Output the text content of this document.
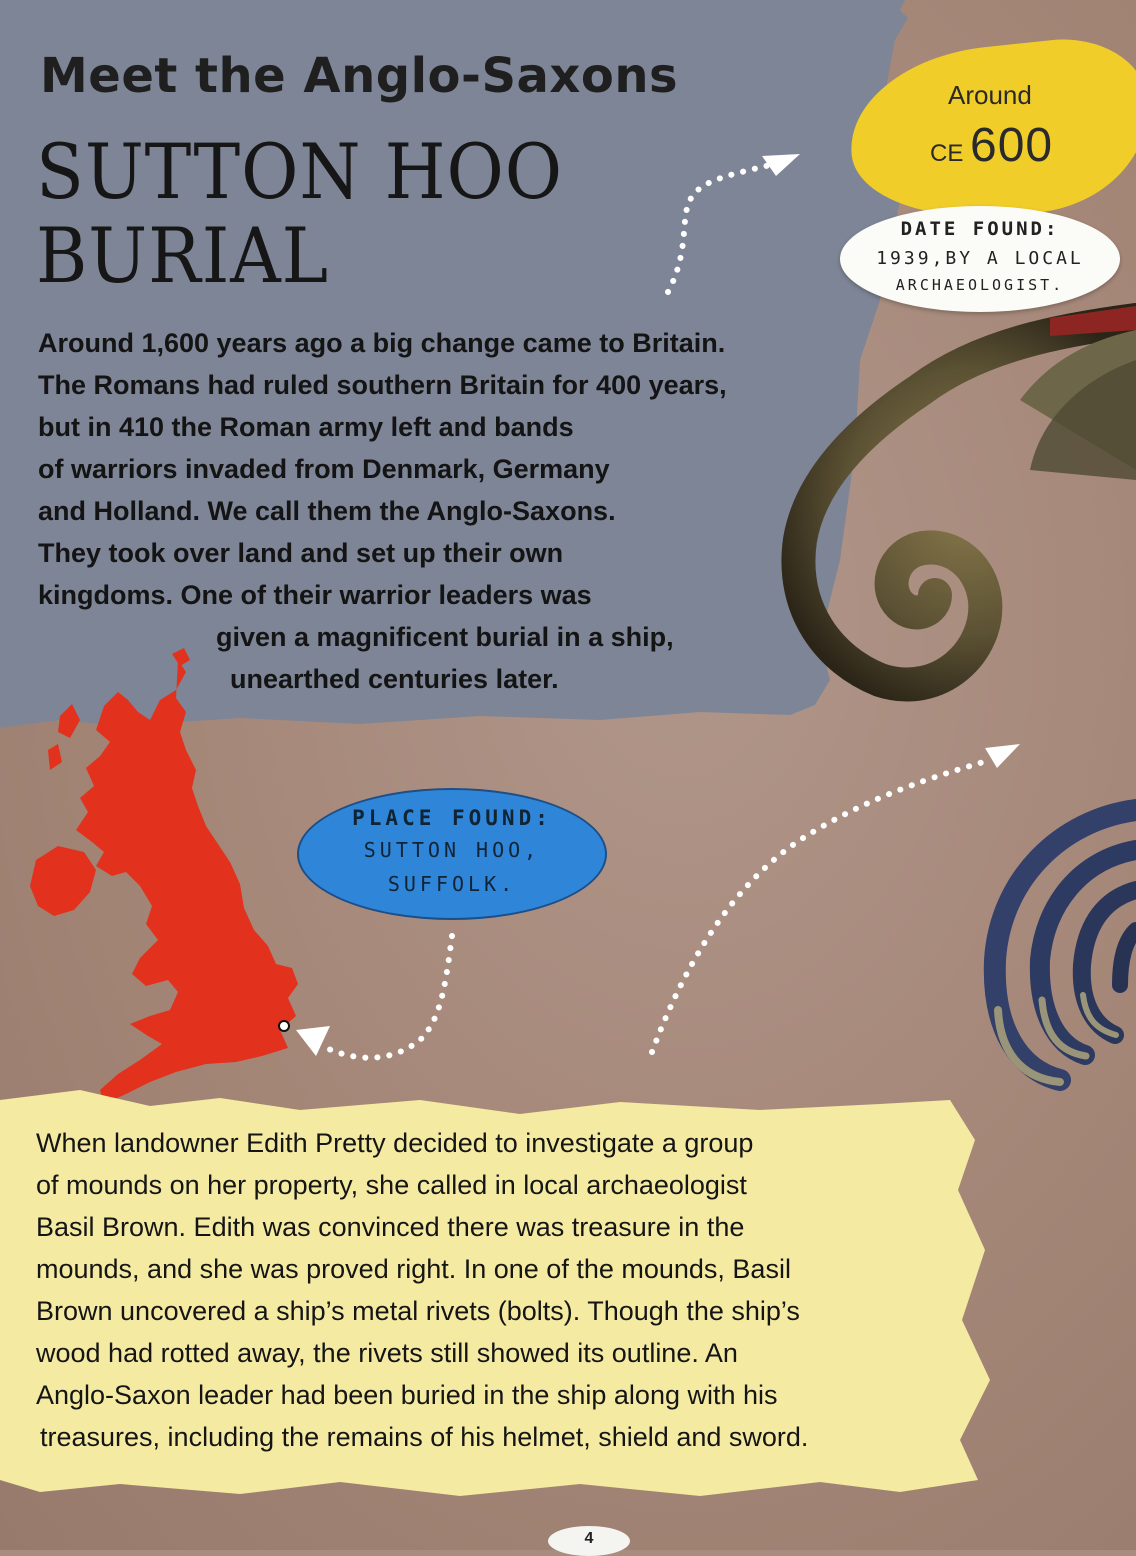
Meet the Anglo-Saxons
SUTTON HOO
BURIAL

Around 1,600 years ago a big change came to Britain.
The Romans had ruled southern Britain for 400 years,
but in 410 the Roman army left and bands
of warriors invaded from Denmark, Germany
and Holland. We call them the Anglo-Saxons.
They took over land and set up their own
kingdoms. One of their warrior leaders was
given a magnificent burial in a ship,
unearthed centuries later.

Around
CE 600
DATE FOUND:
1939,BY A LOCAL
ARCHAEOLOGIST.
PLACE FOUND:
SUTTON HOO,
SUFFOLK.

When landowner Edith Pretty decided to investigate a group
of mounds on her property, she called in local archaeologist
Basil Brown. Edith was convinced there was treasure in the
mounds, and she was proved right. In one of the mounds, Basil
Brown uncovered a ship’s metal rivets (bolts). Though the ship’s
wood had rotted away, the rivets still showed its outline. An
Anglo-Saxon leader had been buried in the ship along with his
treasures, including the remains of his helmet, shield and sword.

4
